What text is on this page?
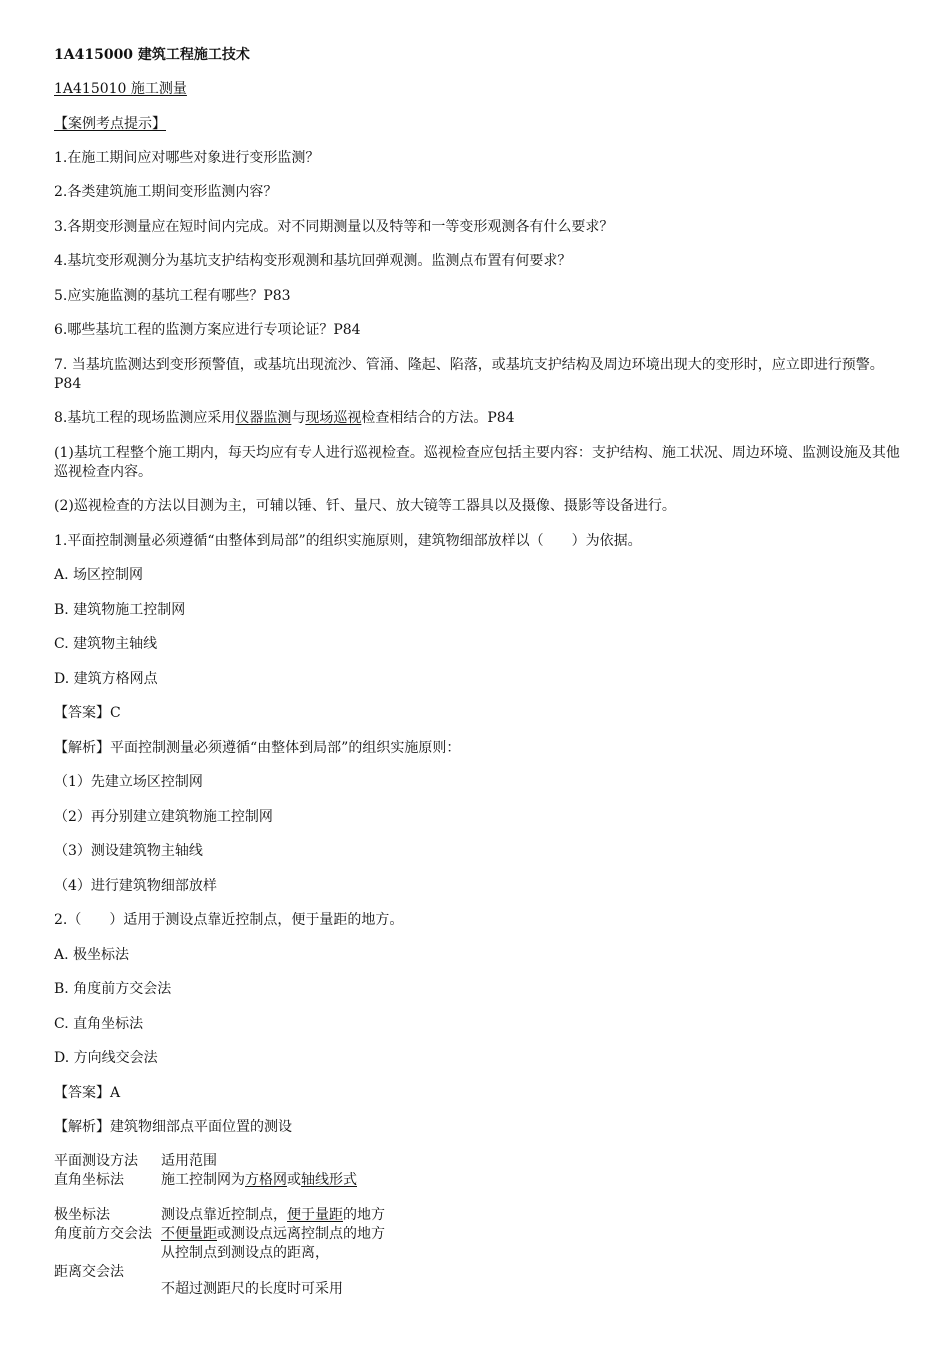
1A415000 建筑工程施工技术
1A415010 施工测量
【案例考点提示】
1.在施工期间应对哪些对象进行变形监测？
2.各类建筑施工期间变形监测内容？
3.各期变形测量应在短时间内完成。对不同期测量以及特等和一等变形观测各有什么要求？
4.基坑变形观测分为基坑支护结构变形观测和基坑回弹观测。监测点布置有何要求？
5.应实施监测的基坑工程有哪些？P83
6.哪些基坑工程的监测方案应进行专项论证？P84
7. 当基坑监测达到变形预警值，或基坑出现流沙、管涌、隆起、陷落，或基坑支护结构及周边环境出现大的变形时，应立即进行预警。P84
8.基坑工程的现场监测应采用仪器监测与现场巡视检查相结合的方法。P84
(1)基坑工程整个施工期内，每天均应有专人进行巡视检查。巡视检查应包括主要内容：支护结构、施工状况、周边环境、监测设施及其他巡视检查内容。
(2)巡视检查的方法以目测为主，可辅以锤、钎、量尺、放大镜等工器具以及摄像、摄影等设备进行。
1.平面控制测量必须遵循“由整体到局部”的组织实施原则，建筑物细部放样以（　　）为依据。
A. 场区控制网
B. 建筑物施工控制网
C. 建筑物主轴线
D. 建筑方格网点
【答案】C
【解析】平面控制测量必须遵循“由整体到局部”的组织实施原则：
（1）先建立场区控制网
（2）再分别建立建筑物施工控制网
（3）测设建筑物主轴线
（4）进行建筑物细部放样
2.（　　）适用于测设点靠近控制点，便于量距的地方。
A. 极坐标法
B. 角度前方交会法
C. 直角坐标法
D. 方向线交会法
【答案】A
【解析】建筑物细部点平面位置的测设
平面测设方法 适用范围
直角坐标法	施工控制网为方格网或轴线形式
极坐标法	测设点靠近控制点，便于量距的地方
角度前方交会法 不便量距或测设点远离控制点的地方
从控制点到测设点的距离，
距离交会法
不超过测距尺的长度时可采用
